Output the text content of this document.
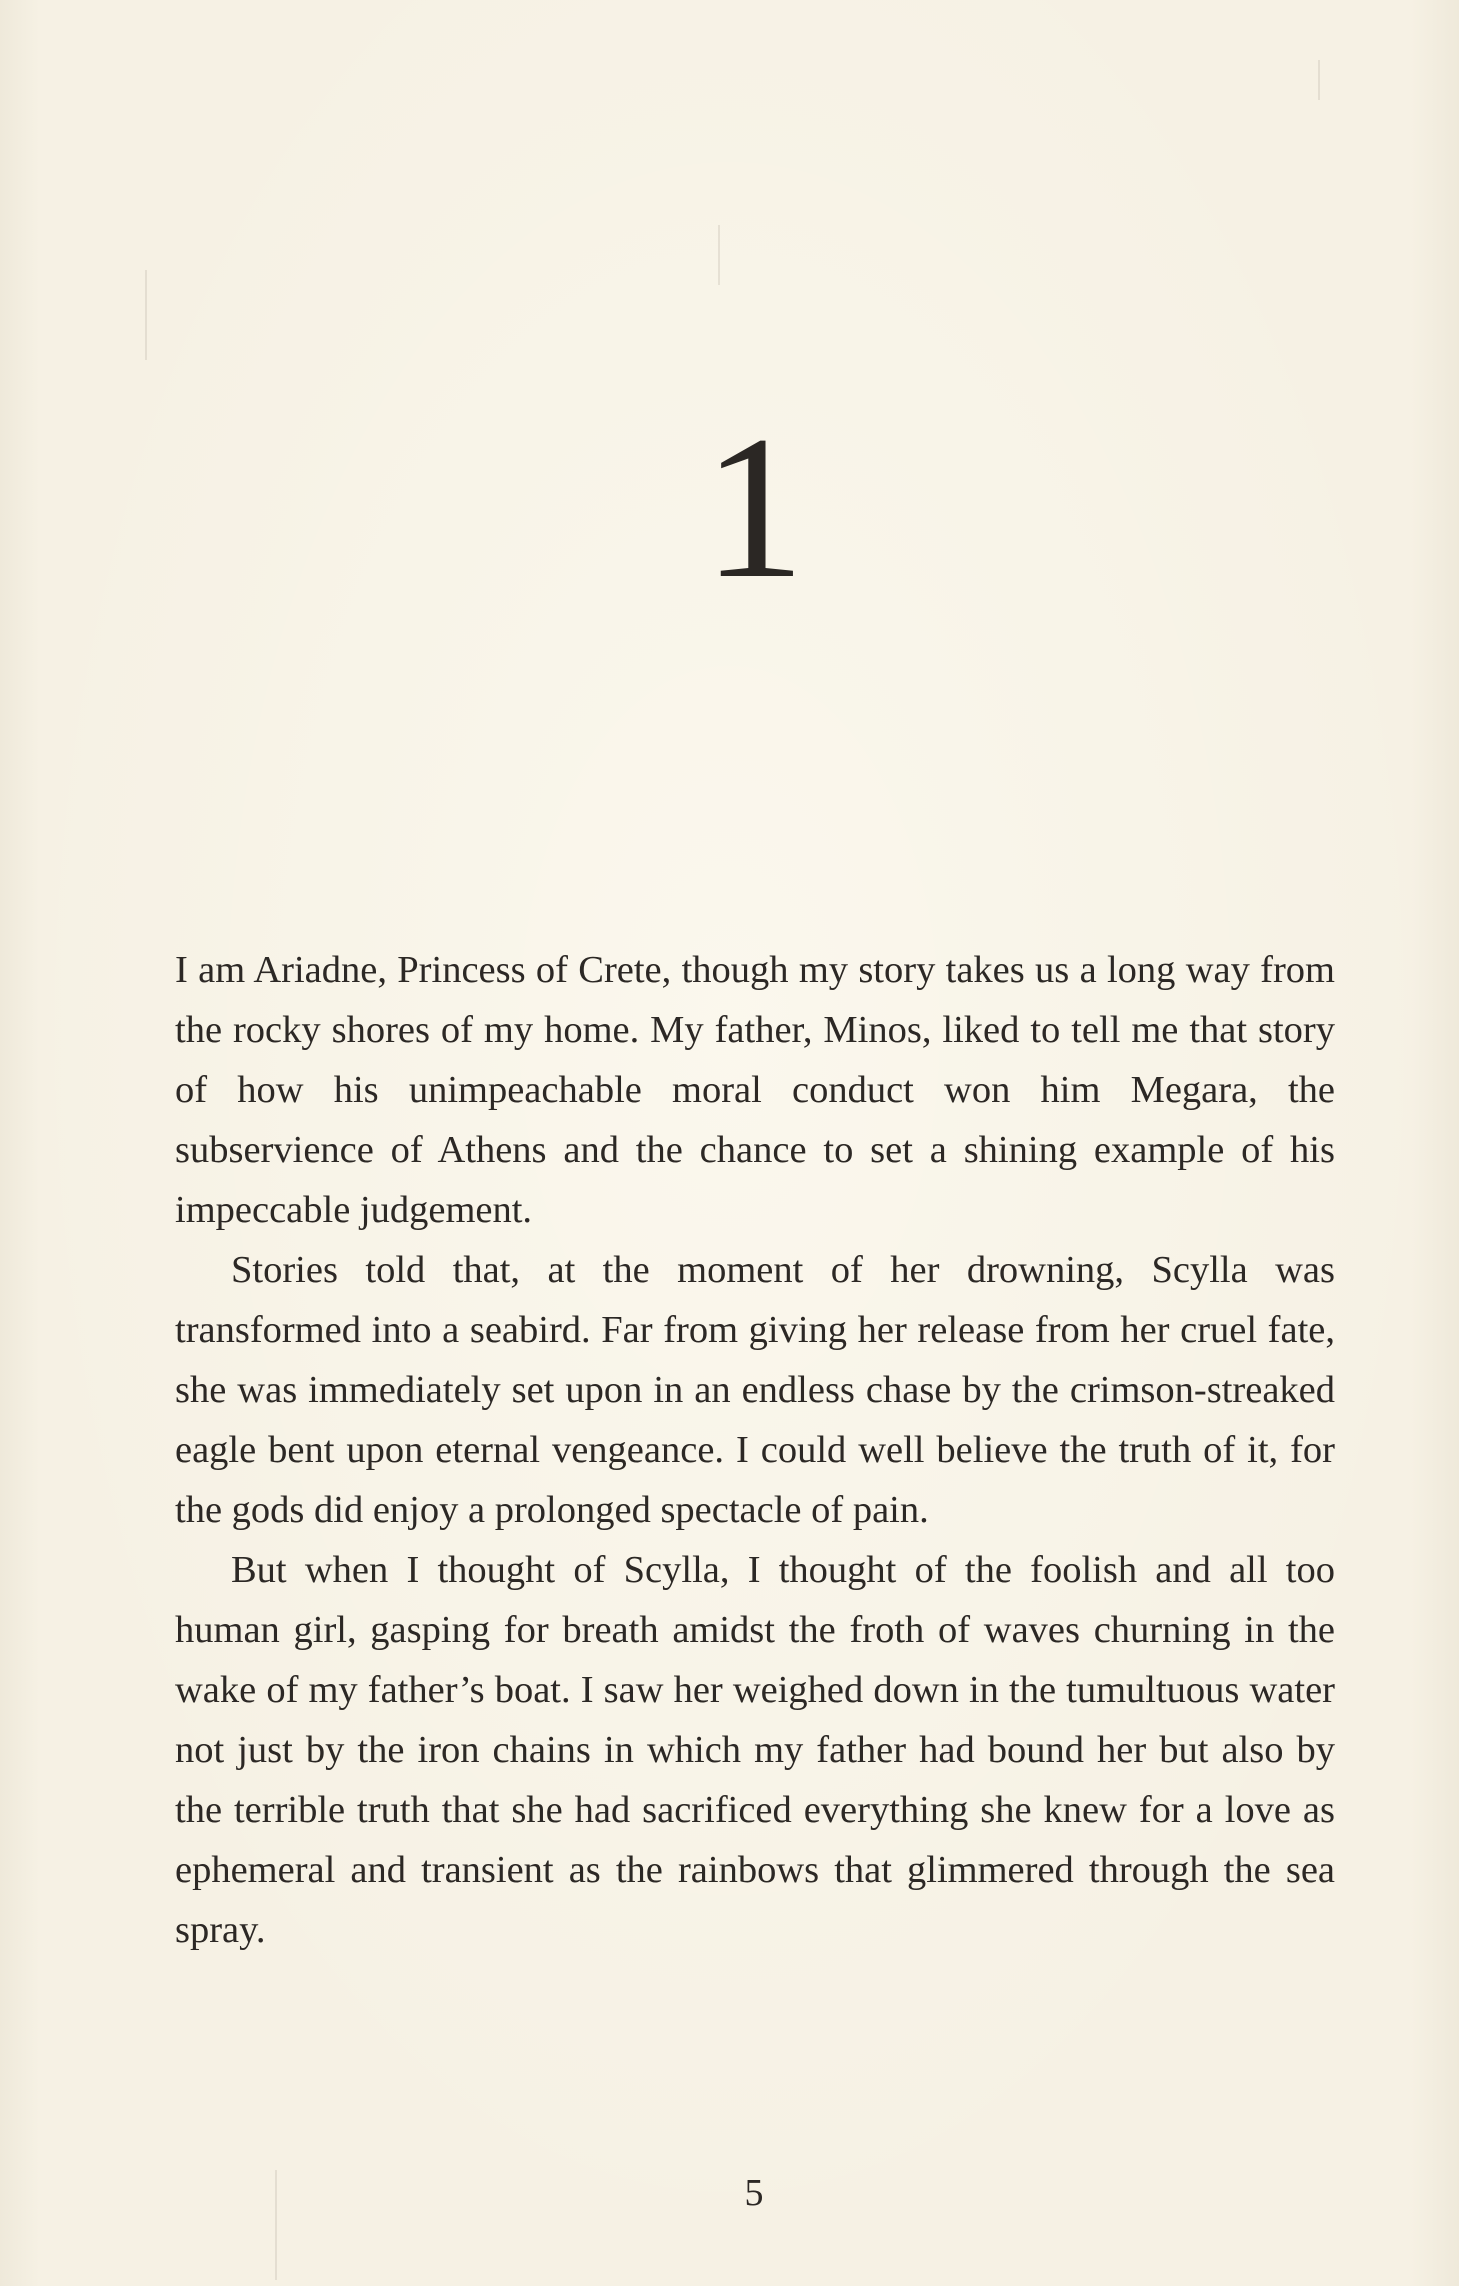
1

I am Ariadne, Princess of Crete, though my story takes us a long way from the rocky shores of my home. My father, Minos, liked to tell me that story of how his unimpeachable moral conduct won him Megara, the subservience of Athens and the chance to set a shining example of his impeccable judgement.

Stories told that, at the moment of her drowning, Scylla was transformed into a seabird. Far from giving her release from her cruel fate, she was immediately set upon in an endless chase by the crimson-streaked eagle bent upon eternal vengeance. I could well believe the truth of it, for the gods did enjoy a prolonged spectacle of pain.

But when I thought of Scylla, I thought of the foolish and all too human girl, gasping for breath amidst the froth of waves churning in the wake of my father’s boat. I saw her weighed down in the tumultuous water not just by the iron chains in which my father had bound her but also by the terrible truth that she had sacrificed everything she knew for a love as ephemeral and transient as the rainbows that glimmered through the sea spray.

5
